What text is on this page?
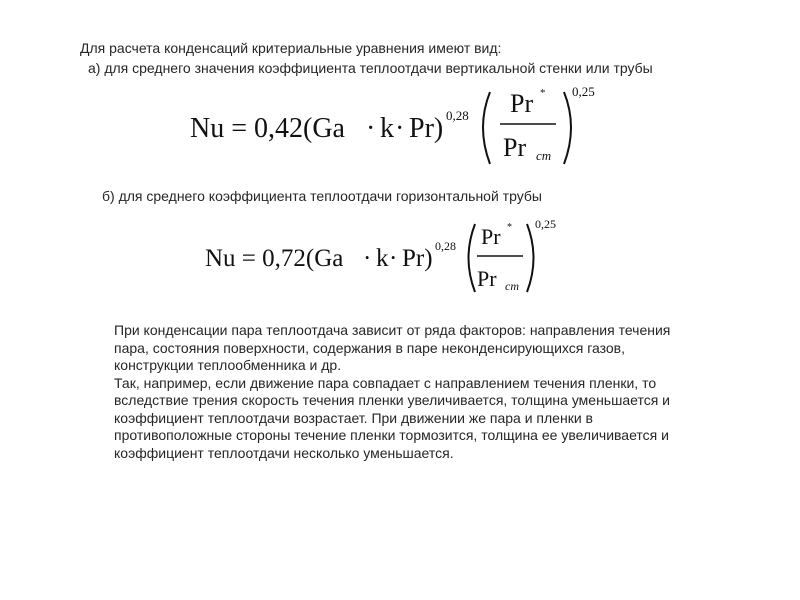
Для расчета конденсаций критериальные уравнения имеют вид:
а) для среднего значения коэффициента теплоотдачи вертикальной стенки или трубы
Nu = 0,42(Ga · k · Pr) 0,28 Pr *
Pr cm
0,25
б) для среднего коэффициента теплоотдачи горизонтальной трубы
Nu = 0,72(Ga · k · Pr) 0,28 Pr *
Pr cm
0,25

При конденсации пара теплоотдача зависит от ряда факторов: направления течения пара, состояния поверхности, содержания в паре неконденсирующихся газов, конструкции теплообменника и др.

Так, например, если движение пара совпадает с направлением течения пленки, то вследствие трения скорость течения пленки увеличивается, толщина уменьшается и коэффициент теплоотдачи возрастает. При движении же пара и пленки в противоположные стороны течение пленки тормозится, толщина ее увеличивается и коэффициент теплоотдачи несколько уменьшается.
